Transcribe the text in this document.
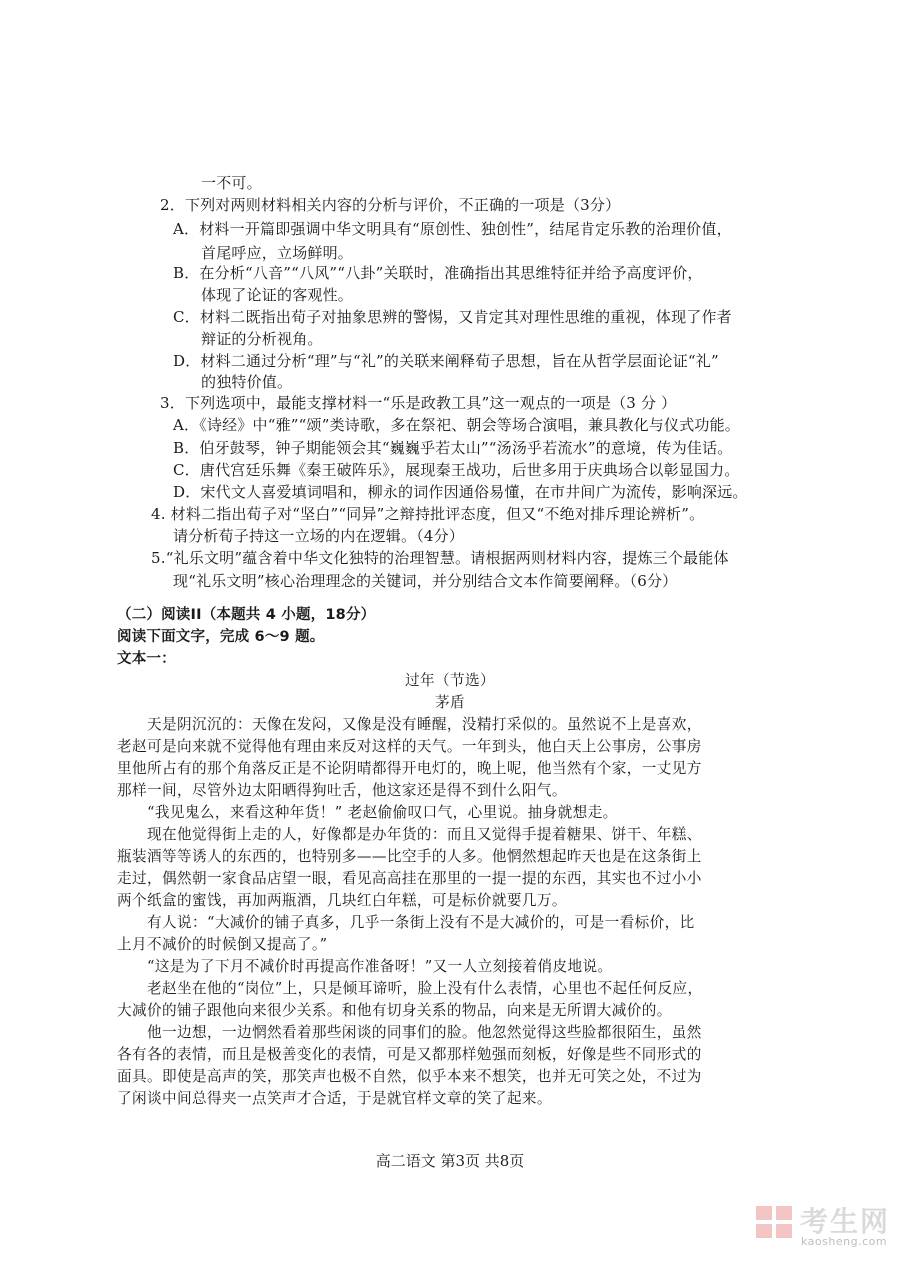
一不可。
2．下列对两则材料相关内容的分析与评价，不正确的一项是（3分）
A．材料一开篇即强调中华文明具有“原创性、独创性”，结尾肯定乐教的治理价值，
首尾呼应，立场鲜明。
B．在分析“八音”“八风”“八卦”关联时，准确指出其思维特征并给予高度评价，
体现了论证的客观性。
C．材料二既指出荀子对抽象思辨的警惕，又肯定其对理性思维的重视，体现了作者
辩证的分析视角。
D．材料二通过分析“理”与“礼”的关联来阐释荀子思想，旨在从哲学层面论证“礼”
的独特价值。
3．下列选项中，最能支撑材料一“乐是政教工具”这一观点的一项是（3 分 ）
A．《诗经》中“雅”“颂”类诗歌，多在祭祀、朝会等场合演唱，兼具教化与仪式功能。
B．伯牙鼓琴，钟子期能领会其“巍巍乎若太山”“汤汤乎若流水”的意境，传为佳话。
C．唐代宫廷乐舞《秦王破阵乐》，展现秦王战功，后世多用于庆典场合以彰显国力。
D．宋代文人喜爱填词唱和，柳永的词作因通俗易懂，在市井间广为流传，影响深远。
4. 材料二指出荀子对“坚白”“同异”之辩持批评态度，但又“不绝对排斥理论辨析”。
请分析荀子持这一立场的内在逻辑。（4分）
5.“礼乐文明”蕴含着中华文化独特的治理智慧。请根据两则材料内容，提炼三个最能体
现“礼乐文明”核心治理理念的关键词，并分别结合文本作简要阐释。（6分）
（二）阅读II（本题共 4 小题，18分）
阅读下面文字，完成 6～9 题。
文本一：
过年（节选）
茅盾
　　天是阴沉沉的：天像在发闷，又像是没有睡醒，没精打采似的。虽然说不上是喜欢，
老赵可是向来就不觉得他有理由来反对这样的天气。一年到头，他白天上公事房，公事房
里他所占有的那个角落反正是不论阴晴都得开电灯的，晚上呢，他当然有个家，一丈见方
那样一间，尽管外边太阳晒得狗吐舌，他这家还是得不到什么阳气。
　　“我见鬼么，来看这种年货！” 老赵偷偷叹口气，心里说。抽身就想走。
　　现在他觉得街上走的人，好像都是办年货的：而且又觉得手提着糖果、饼干、年糕、
瓶装酒等等诱人的东西的，也特别多——比空手的人多。他惘然想起昨天也是在这条街上
走过，偶然朝一家食品店望一眼，看见高高挂在那里的一提一提的东西，其实也不过小小
两个纸盒的蜜饯，再加两瓶酒，几块红白年糕，可是标价就要几万。
　　有人说：“大减价的铺子真多，几乎一条街上没有不是大减价的，可是一看标价，比
上月不减价的时候倒又提高了。”
　　“这是为了下月不减价时再提高作准备呀！”又一人立刻接着俏皮地说。
　　老赵坐在他的“岗位”上，只是倾耳谛听，脸上没有什么表情，心里也不起任何反应，
大减价的铺子跟他向来很少关系。和他有切身关系的物品，向来是无所谓大减价的。
　　他一边想，一边惘然看着那些闲谈的同事们的脸。他忽然觉得这些脸都很陌生，虽然
各有各的表情，而且是极善变化的表情，可是又都那样勉强而刻板，好像是些不同形式的
面具。即使是高声的笑，那笑声也极不自然，似乎本来不想笑，也并无可笑之处，不过为
了闲谈中间总得夹一点笑声才合适，于是就官样文章的笑了起来。
高二语文 第3页 共8页
考生网
kaosheng.com
